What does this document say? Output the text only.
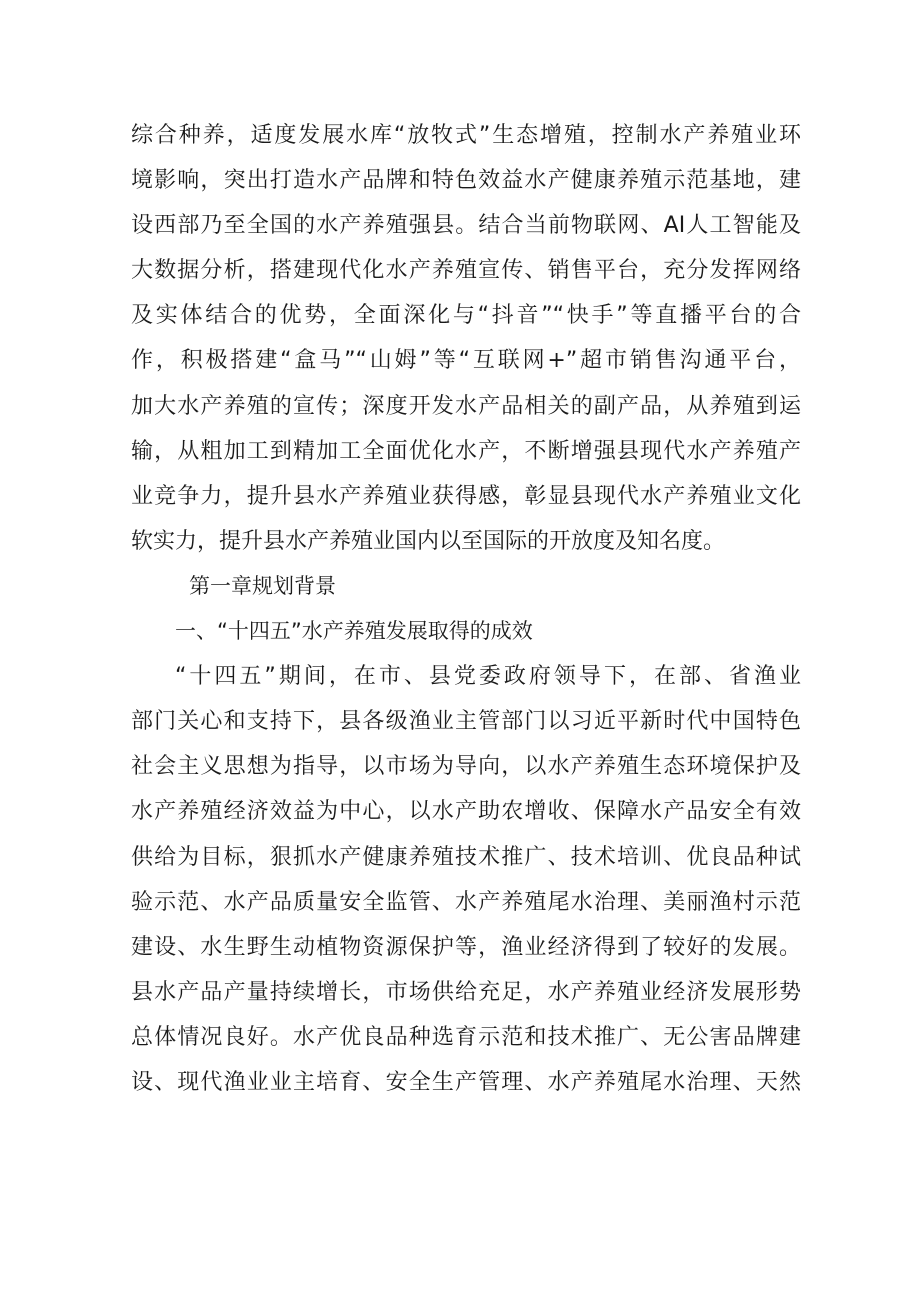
综合种养，适度发展水库“放牧式”生态增殖，控制水产养殖业环
境影响，突出打造水产品牌和特色效益水产健康养殖示范基地，建
设西部乃至全国的水产养殖强县。结合当前物联网、AI人工智能及
大数据分析，搭建现代化水产养殖宣传、销售平台，充分发挥网络
及实体结合的优势，全面深化与“抖音”“快手”等直播平台的合
作，积极搭建“盒马”“山姆”等“互联网+”超市销售沟通平台，
加大水产养殖的宣传；深度开发水产品相关的副产品，从养殖到运
输，从粗加工到精加工全面优化水产，不断增强县现代水产养殖产
业竞争力，提升县水产养殖业获得感，彰显县现代水产养殖业文化
软实力，提升县水产养殖业国内以至国际的开放度及知名度。
第一章规划背景
一、“十四五”水产养殖发展取得的成效
“十四五”期间，在市、县党委政府领导下，在部、省渔业
部门关心和支持下，县各级渔业主管部门以习近平新时代中国特色
社会主义思想为指导，以市场为导向，以水产养殖生态环境保护及
水产养殖经济效益为中心，以水产助农增收、保障水产品安全有效
供给为目标，狠抓水产健康养殖技术推广、技术培训、优良品种试
验示范、水产品质量安全监管、水产养殖尾水治理、美丽渔村示范
建设、水生野生动植物资源保护等，渔业经济得到了较好的发展。
县水产品产量持续增长，市场供给充足，水产养殖业经济发展形势
总体情况良好。水产优良品种选育示范和技术推广、无公害品牌建
设、现代渔业业主培育、安全生产管理、水产养殖尾水治理、天然
